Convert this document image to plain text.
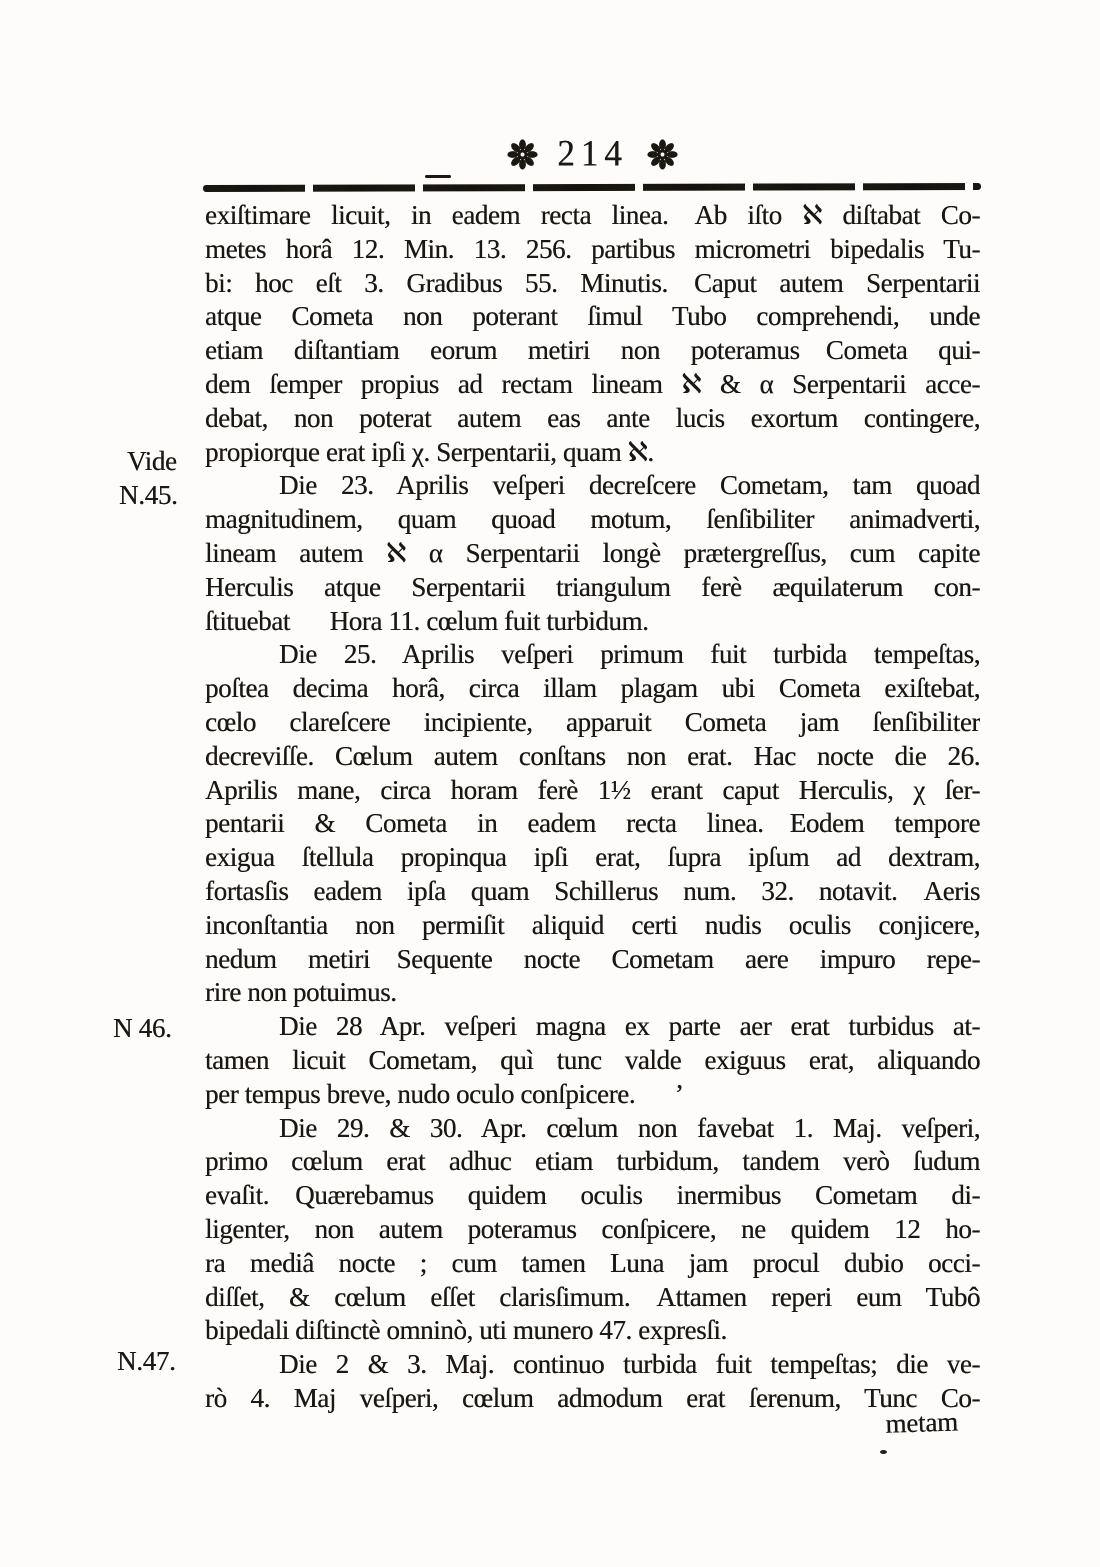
214
Vide
N.45.
N 46.
N.47.
exiſtimare licuit, in eadem recta linea.  Ab iſto ℵ diſtabat Co-
metes horâ 12. Min. 13. 256. partibus micrometri bipedalis Tu-
bi: hoc eſt 3. Gradibus 55. Minutis.  Caput autem Serpentarii
atque Cometa non poterant ſimul Tubo comprehendi, unde
etiam diſtantiam eorum metiri non poteramus  Cometa qui-
dem ſemper propius ad rectam lineam ℵ & α Serpentarii acce-
debat, non poterat autem eas ante lucis exortum contingere,
propiorque erat ipſi χ. Serpentarii, quam ℵ.
Die 23. Aprilis veſperi decreſcere Cometam, tam quoad
magnitudinem, quam quoad motum, ſenſibiliter animadverti,
lineam autem ℵ α Serpentarii longè prætergreſſus, cum capite
Herculis atque Serpentarii triangulum ferè æquilaterum con-
ſtituebat  Hora 11. cœlum fuit turbidum.
Die 25. Aprilis veſperi primum fuit turbida tempeſtas,
poſtea decima horâ, circa illam plagam ubi Cometa exiſtebat,
cœlo clareſcere incipiente, apparuit Cometa jam ſenſibiliter
decreviſſe. Cœlum autem conſtans non erat. Hac nocte die 26.
Aprilis mane, circa horam ferè 1½ erant caput Herculis, χ ſer-
pentarii & Cometa in eadem recta linea.  Eodem tempore
exigua ſtellula propinqua ipſi erat, ſupra ipſum ad dextram,
fortasſis eadem ipſa quam Schillerus num. 32. notavit.  Aeris
inconſtantia non permiſit aliquid certi nudis oculis conjicere,
nedum metiri Sequente nocte Cometam aere impuro repe-
rire non potuimus.
Die 28 Apr. veſperi magna ex parte aer erat turbidus at-
tamen licuit Cometam, quì tunc valde exiguus erat, aliquando
per tempus breve, nudo oculo conſpicere.  ’
Die 29. & 30. Apr. cœlum non favebat 1. Maj. veſperi,
primo cœlum erat adhuc etiam turbidum, tandem verò ſudum
evaſit.  Quærebamus quidem oculis inermibus Cometam di-
ligenter, non autem poteramus conſpicere, ne quidem 12 ho-
ra mediâ nocte ; cum tamen Luna jam procul dubio occi-
diſſet, & cœlum eſſet clarisſimum.  Attamen reperi eum Tubô
bipedali diſtinctè omninò, uti munero 47. expresſi.
Die 2 & 3. Maj. continuo turbida fuit tempeſtas; die ve-
rò 4. Maj veſperi, cœlum admodum erat ſerenum, Tunc Co-
metam
